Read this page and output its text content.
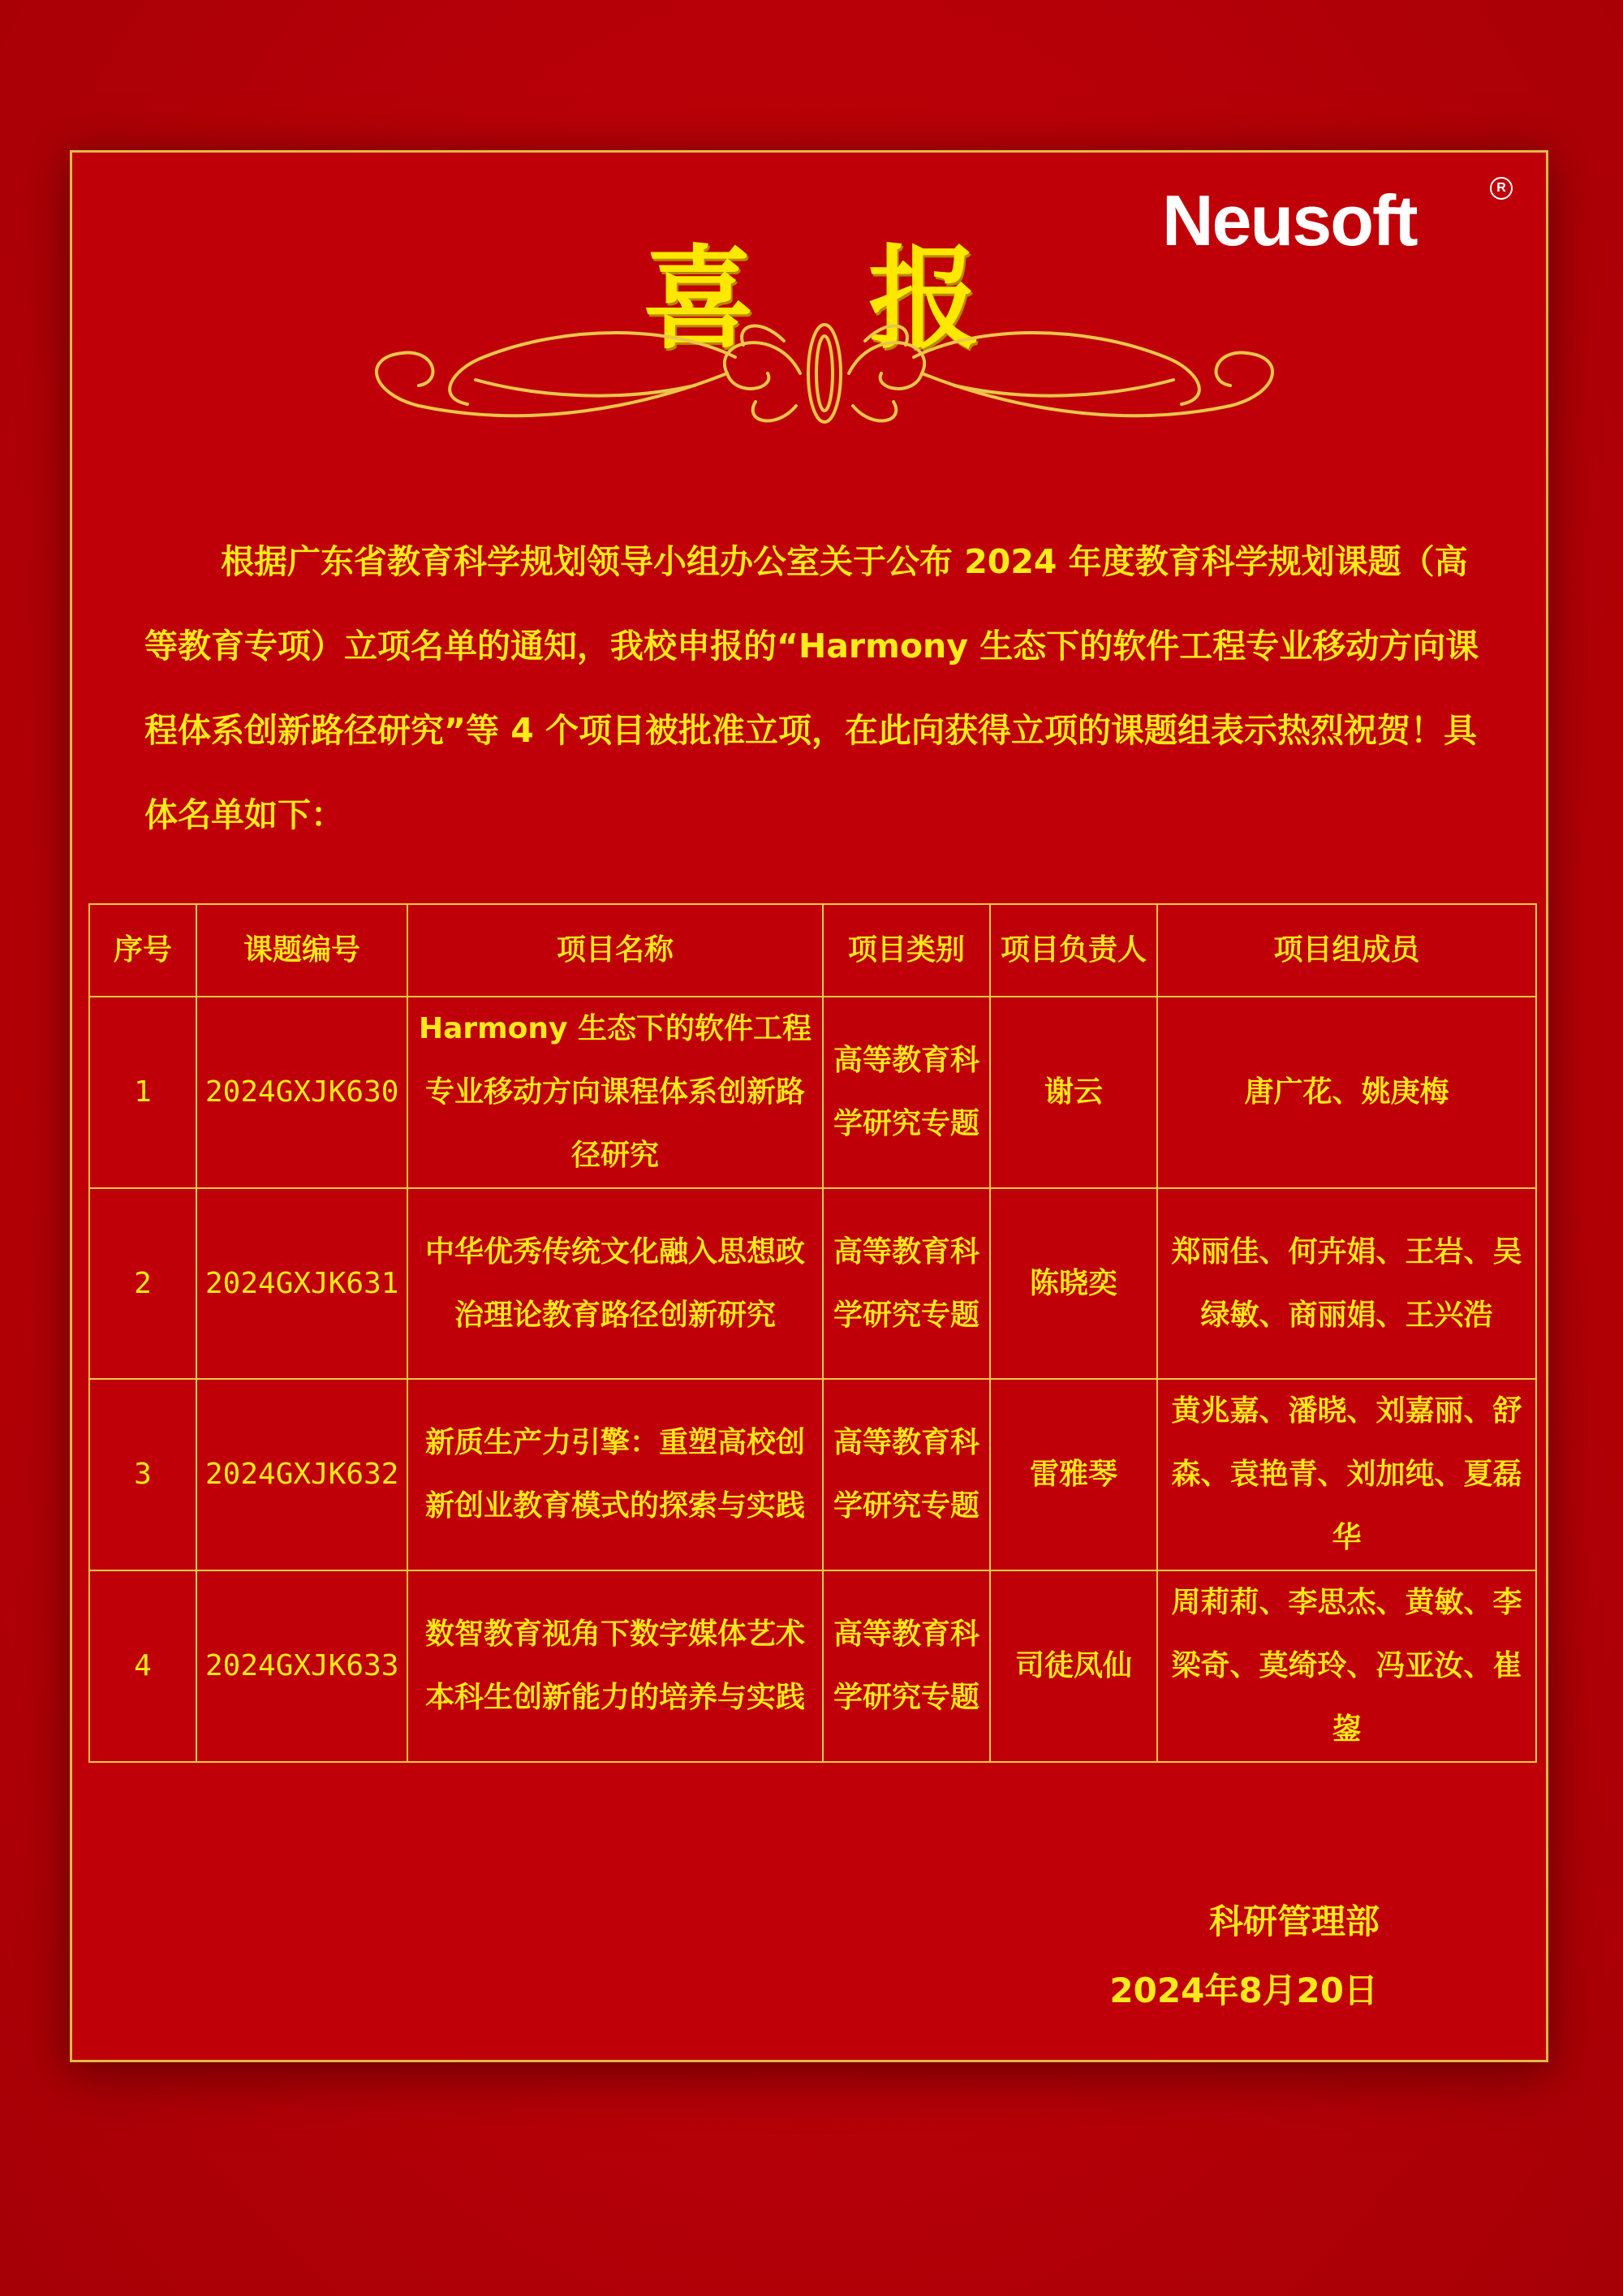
Neusoft	R
喜报

根据广东省教育科学规划领导小组办公室关于公布 2024 年度教育科学规划课题（高等教育专项）立项名单的通知，我校申报的“Harmony 生态下的软件工程专业移动方向课程体系创新路径研究”等 4 个项目被批准立项，在此向获得立项的课题组表示热烈祝贺！具体名单如下：

序号	课题编号	项目名称	项目类别	项目负责人	项目组成员
1	2024GXJK630	Harmony 生态下的软件工程专业移动方向课程体系创新路径研究	高等教育科学研究专题	谢云	唐广花、姚庚梅
2	2024GXJK631	中华优秀传统文化融入思想政治理论教育路径创新研究	高等教育科学研究专题	陈晓奕	郑丽佳、何卉娟、王岩、吴绿敏、商丽娟、王兴浩
3	2024GXJK632	新质生产力引擎：重塑高校创新创业教育模式的探索与实践	高等教育科学研究专题	雷雅琴	黄兆嘉、潘晓、刘嘉丽、舒森、袁艳青、刘加纯、夏磊华
4	2024GXJK633	数智教育视角下数字媒体艺术本科生创新能力的培养与实践	高等教育科学研究专题	司徒凤仙	周莉莉、李思杰、黄敏、李梁奇、莫绮玲、冯亚汝、崔鋆
科研管理部
2024年8月20日
